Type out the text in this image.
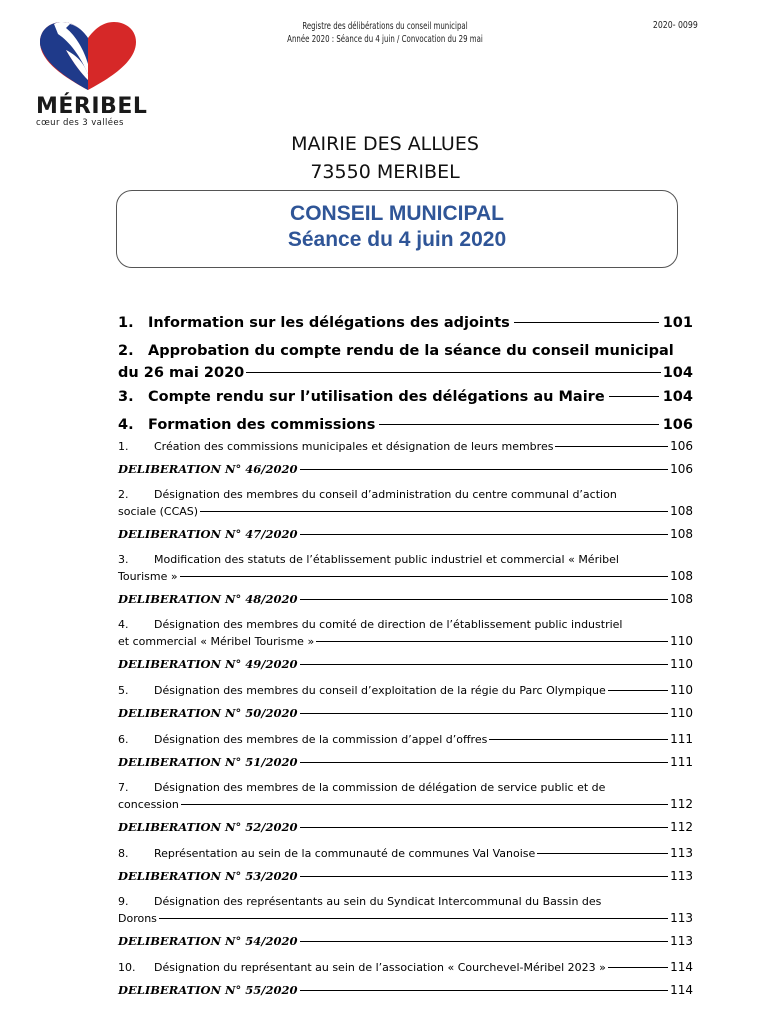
MÉRIBEL
cœur des 3 vallées
Registre des délibérations du conseil municipal
Année 2020 : Séance du 4 juin / Convocation du 29 mai
2020- 0099
MAIRIE DES ALLUES
73550 MERIBEL
CONSEIL MUNICIPAL
Séance du 4 juin 2020
1. Information sur les délégations des adjoints	101
2. Approbation du compte rendu de la séance du conseil municipal
du 26 mai 2020	104
3. Compte rendu sur l’utilisation des délégations au Maire	104
4. Formation des commissions	106
1.	Création des commissions municipales et désignation de leurs membres	106
DELIBERATION N° 46/2020	106
2.	Désignation des membres du conseil d’administration du centre communal d’action
sociale (CCAS)	108
DELIBERATION N° 47/2020	108
3.	Modification des statuts de l’établissement public industriel et commercial « Méribel
Tourisme »	108
DELIBERATION N° 48/2020	108
4.	Désignation des membres du comité de direction de l’établissement public industriel
et commercial « Méribel Tourisme »	110
DELIBERATION N° 49/2020	110
5.	Désignation des membres du conseil d’exploitation de la régie du Parc Olympique	110
DELIBERATION N° 50/2020	110
6.	Désignation des membres de la commission d’appel d’offres	111
DELIBERATION N° 51/2020	111
7.	Désignation des membres de la commission de délégation de service public et de
concession	112
DELIBERATION N° 52/2020	112
8.	Représentation au sein de la communauté de communes Val Vanoise	113
DELIBERATION N° 53/2020	113
9.	Désignation des représentants au sein du Syndicat Intercommunal du Bassin des
Dorons	113
DELIBERATION N° 54/2020	113
10.	Désignation du représentant au sein de l’association « Courchevel-Méribel 2023 »	114
DELIBERATION N° 55/2020	114
